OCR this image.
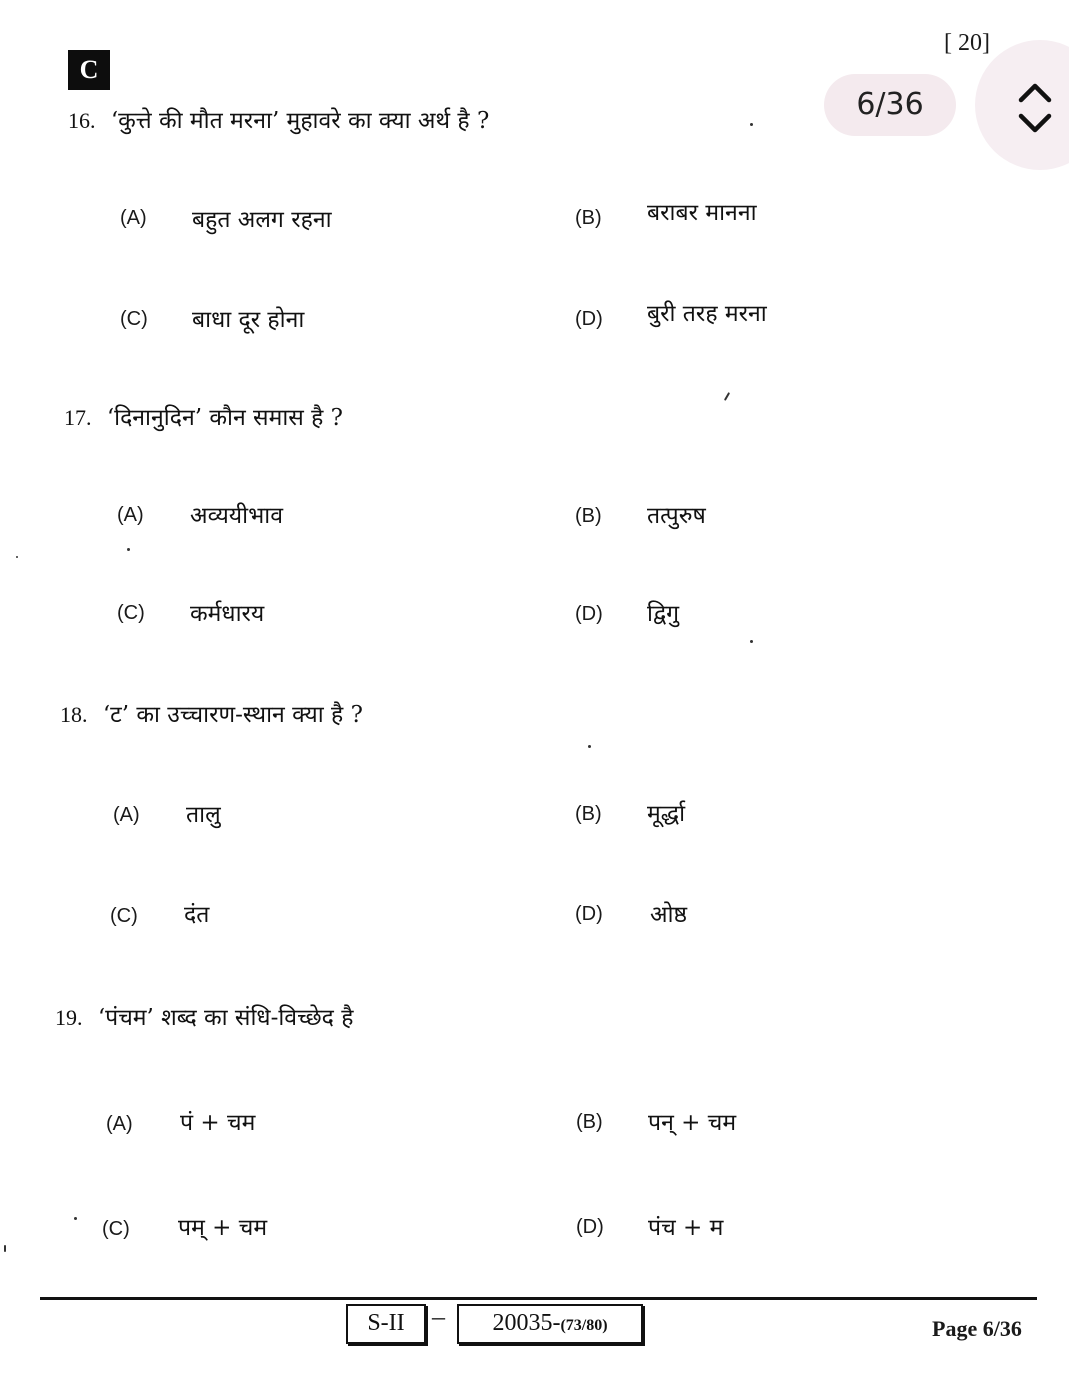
C
[ 20]
6/36
16. ‘कुत्ते की मौत मरना’ मुहावरे का क्या अर्थ है ?
(A) बहुत अलग रहना	(B) बराबर मानना
(C) बाधा दूर होना	(D) बुरी तरह मरना
17. ‘दिनानुदिन’ कौन समास है ?
(A) अव्ययीभाव	(B) तत्पुरुष
(C) कर्मधारय	(D) द्विगु
18. ‘ट’ का उच्चारण-स्थान क्या है ?
(A) तालु	(B) मूर्द्धा
(C) दंत	(D) ओष्ठ
19. ‘पंचम’ शब्द का संधि-विच्छेद है
(A) पं + चम	(B) पन् + चम
(C) पम् + चम	(D) पंच + म
S-II	–	20035-(73/80)	Page 6/36
